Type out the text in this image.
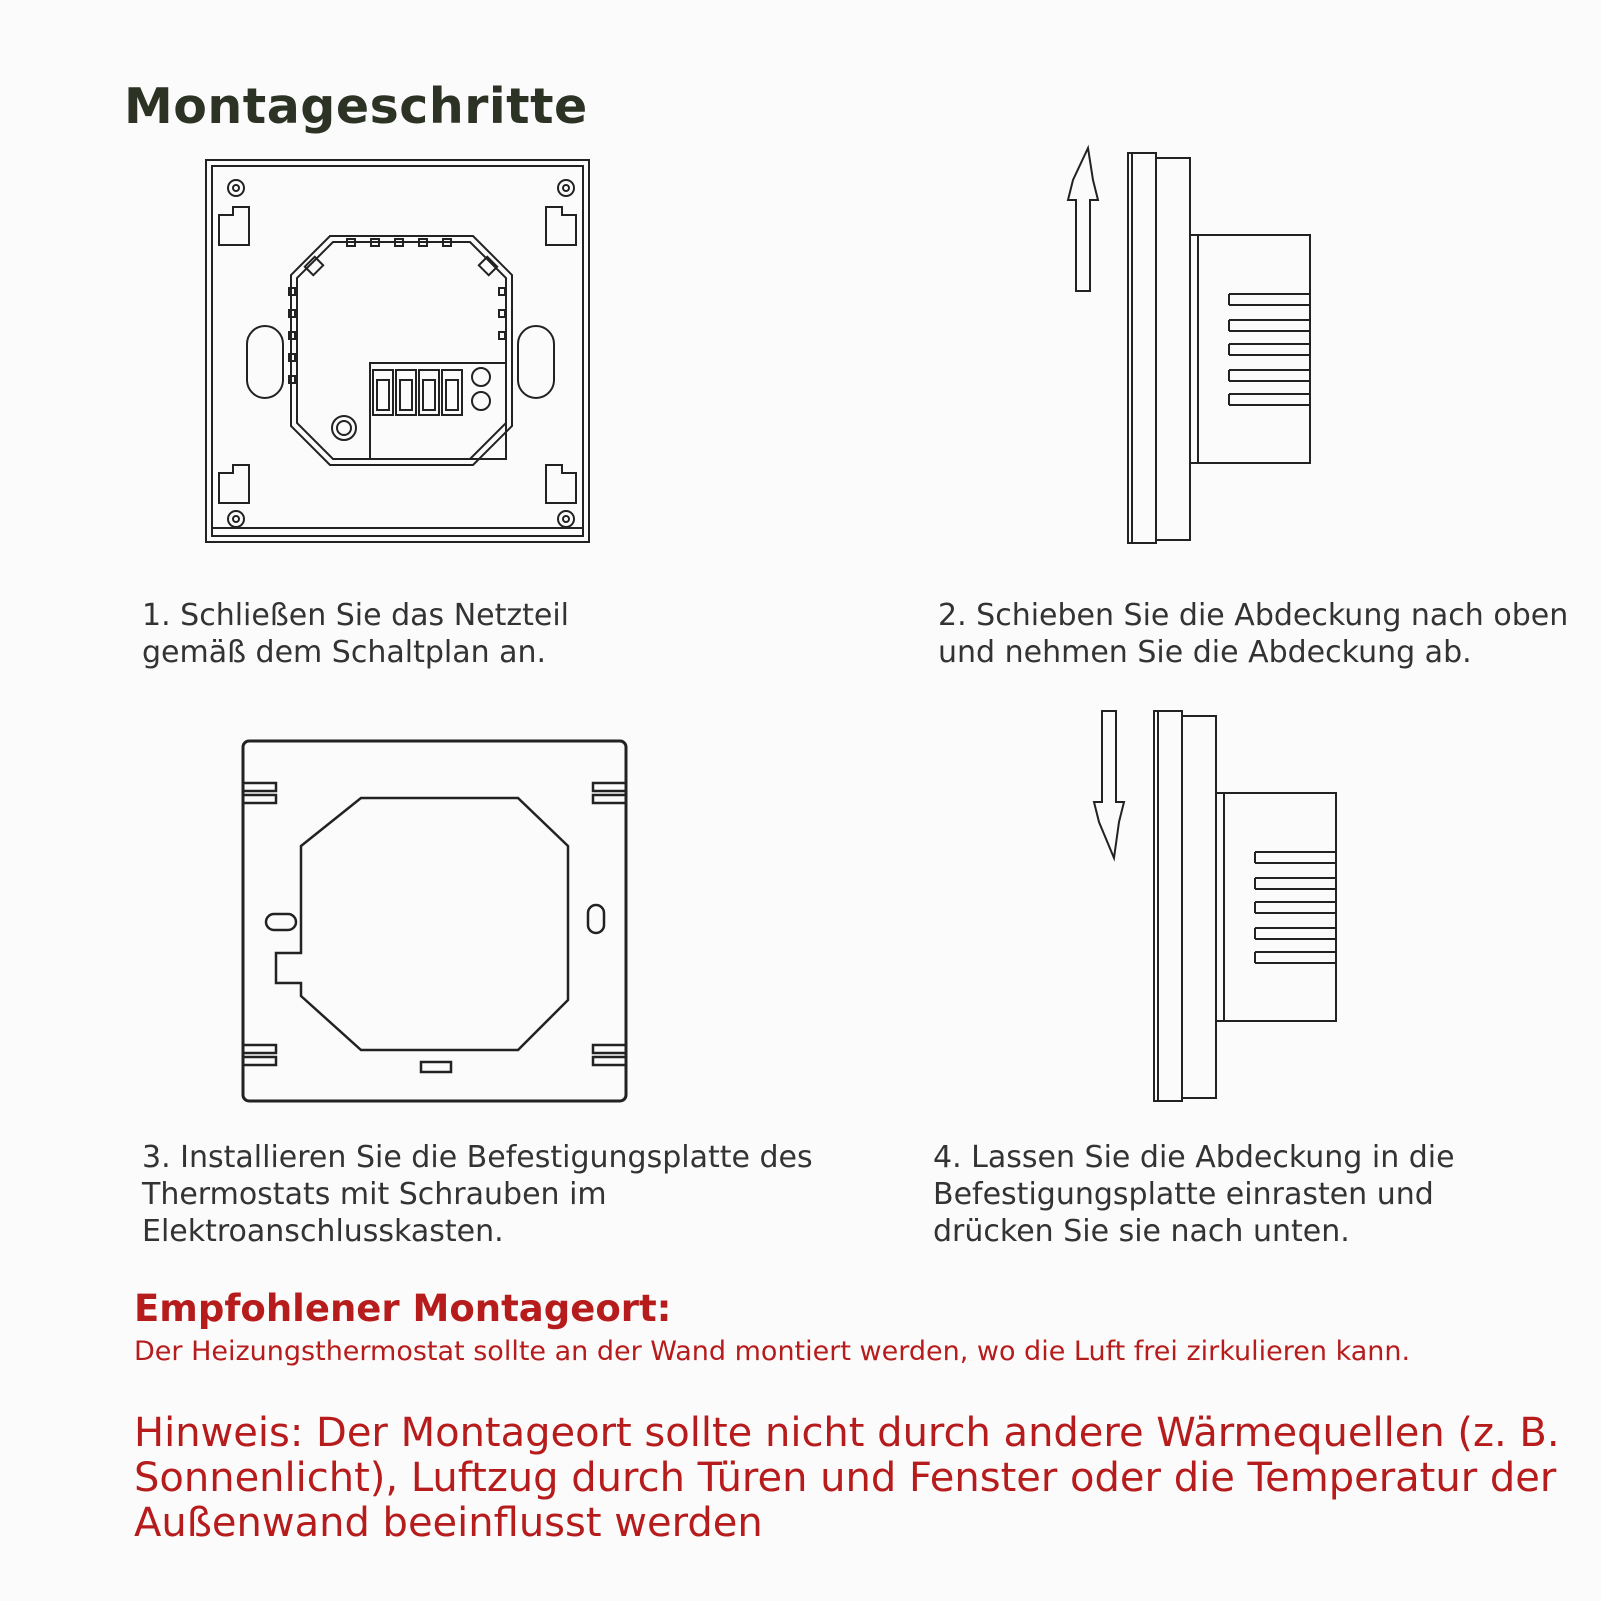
Montageschritte

1. Schließen Sie das Netzteil
gemäß dem Schaltplan an.

2. Schieben Sie die Abdeckung nach oben
und nehmen Sie die Abdeckung ab.

3. Installieren Sie die Befestigungsplatte des
Thermostats mit Schrauben im
Elektroanschlusskasten.

4. Lassen Sie die Abdeckung in die
Befestigungsplatte einrasten und
drücken Sie sie nach unten.

Empfohlener Montageort:

Der Heizungsthermostat sollte an der Wand montiert werden, wo die Luft frei zirkulieren kann.

Hinweis: Der Montageort sollte nicht durch andere Wärmequellen (z. B. Sonnenlicht), Luftzug durch Türen und Fenster oder die Temperatur der Außenwand beeinflusst werden
